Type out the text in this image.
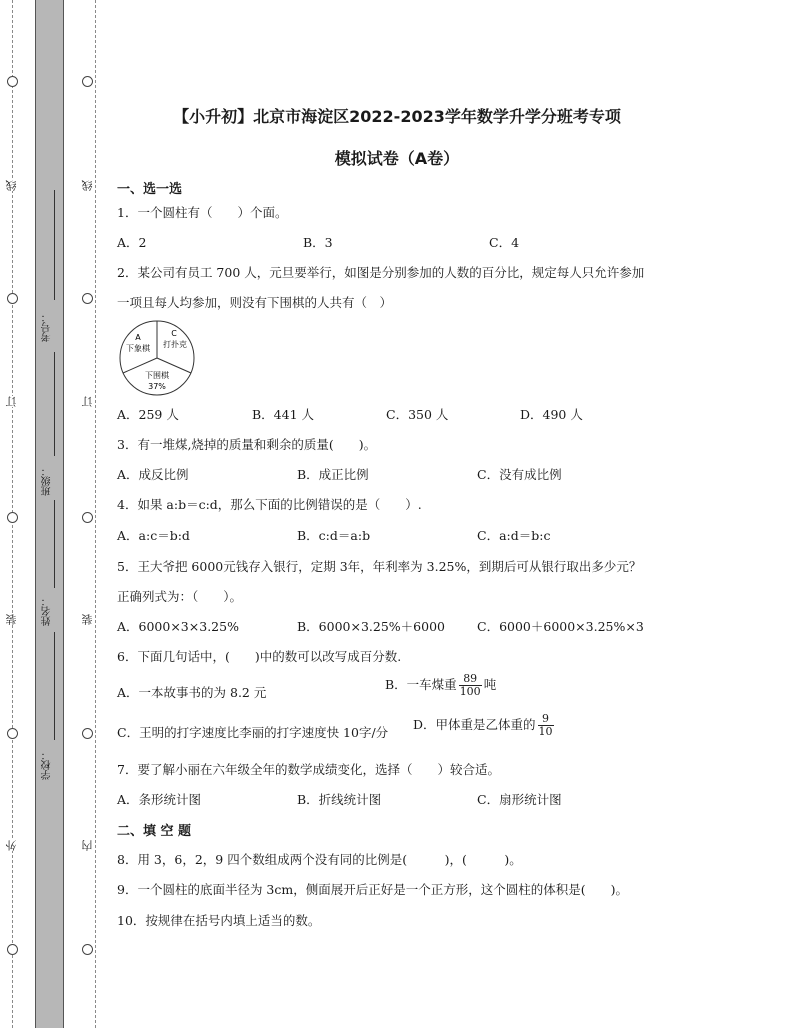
线
订
装
外
线
订
装
内
考号：
班级：
姓名：
学校：
【小升初】北京市海淀区2022-2023学年数学升学分班考专项
模拟试卷（A卷）
一、选一选
1．一个圆柱有（　　）个面。
A．2	B．3	C．4
2．某公司有员工 700 人，元旦要举行，如图是分别参加的人数的百分比，规定每人只允许参加
一项且每人均参加，则没有下围棋的人共有（　）
A
下象棋
C
打扑克
下围棋
37%
A．259 人	B．441 人	C．350 人	D．490 人
3．有一堆煤,烧掉的质量和剩余的质量(　　)。
A．成反比例	B．成正比例	C．没有成比例
4．如果 a:b＝c:d，那么下面的比例错误的是（　　）.
A．a:c＝b:d	B．c:d＝a:b	C．a:d＝b:c
5．王大爷把 6000元钱存入银行，定期 3年，年利率为 3.25%，到期后可从银行取出多少元？
正确列式为：（　　）。
A．6000×3×3.25%	B．6000×3.25%＋6000	C．6000＋6000×3.25%×3
6．下面几句话中，(　　)中的数可以改写成百分数.
A．一本故事书的为 8.2 元
B．一车煤重 $\frac{89}{100}$ 吨
C．王明的打字速度比李丽的打字速度快 10字/分
D．甲体重是乙体重的 $\frac{9}{10}$
7．要了解小丽在六年级全年的数学成绩变化，选择（　　）较合适。
A．条形统计图	B．折线统计图	C．扇形统计图
二、填 空 题
8．用 3，6，2，9 四个数组成两个没有同的比例是(　　　)，(　　　)。
9．一个圆柱的底面半径为 3cm，侧面展开后正好是一个正方形，这个圆柱的体积是(　　)。
10．按规律在括号内填上适当的数。
